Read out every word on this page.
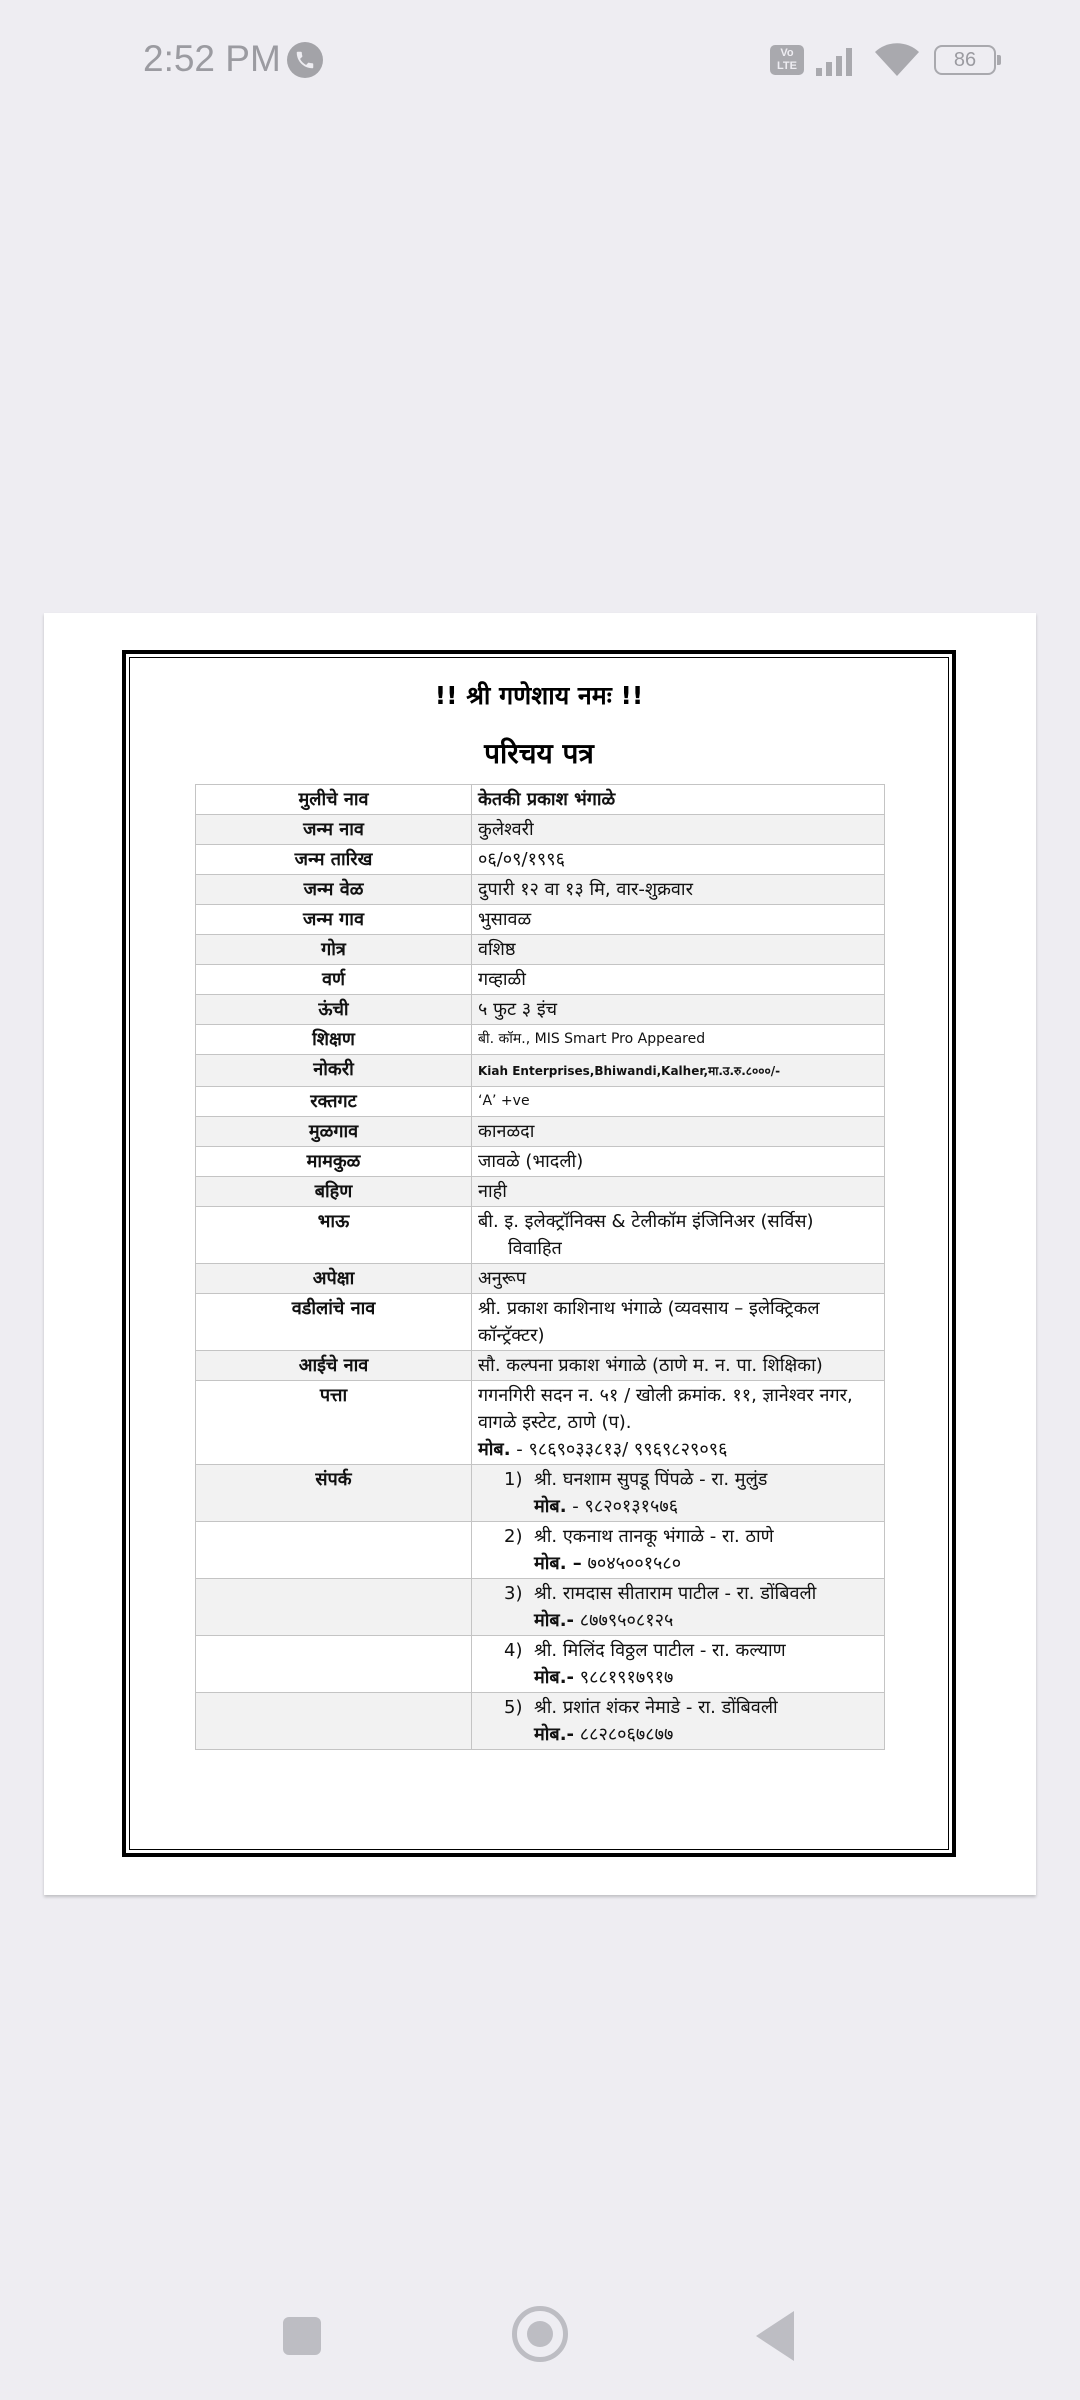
2:52 PM	Vo
LTE	86
!! श्री गणेशाय नमः !!
परिचय पत्र
मुलीचे नाव	केतकी प्रकाश भंगाळे
जन्म नाव	कुलेश्वरी
जन्म तारिख	०६/०९/१९९६
जन्म वेळ	दुपारी १२ वा १३ मि, वार-शुक्रवार
जन्म गाव	भुसावळ
गोत्र	वशिष्ठ
वर्ण	गव्हाळी
ऊंची	५ फुट ३ इंच
शिक्षण	बी. कॉम., MIS Smart Pro Appeared
नोकरी	Kiah Enterprises,Bhiwandi,Kalher,मा.उ.रु.८०००/-
रक्तगट	‘A’ +ve
मुळगाव	कानळदा
मामकुळ	जावळे (भादली)
बहिण	नाही
भाऊ	बी. इ. इलेक्ट्रॉनिक्स & टेलीकॉम इंजिनिअर (सर्विस)
विवाहित

अपेक्षा	अनुरूप
वडीलांचे नाव	श्री. प्रकाश काशिनाथ भंगाळे (व्यवसाय – इलेक्ट्रिकल कॉन्ट्रॅक्टर)
आईचे नाव	सौ. कल्पना प्रकाश भंगाळे (ठाणे म. न. पा. शिक्षिका)
पत्ता	गगनगिरी सदन न. ५१ / खोली क्रमांक. ११, ज्ञानेश्वर नगर, वागळे इस्टेट, ठाणे (प).
मोब. - ९८६९०३३८१३/ ९९६९८२९०९६

संपर्क	1) श्री. घनशाम सुपडू पिंपळे - रा. मुलुंड
मोब. - ९८२०१३१५७६

	2) श्री. एकनाथ तानकू भंगाळे - रा. ठाणे
मोब. – ७०४५००१५८०

	3) श्री. रामदास सीताराम पाटील - रा. डोंबिवली
मोब.- ८७७९५०८१२५

	4) श्री. मिलिंद विठ्ठल पाटील - रा. कल्याण
मोब.- ९८८१९१७९१७

	5) श्री. प्रशांत शंकर नेमाडे - रा. डोंबिवली
मोब.- ८८२८०६७८७७
